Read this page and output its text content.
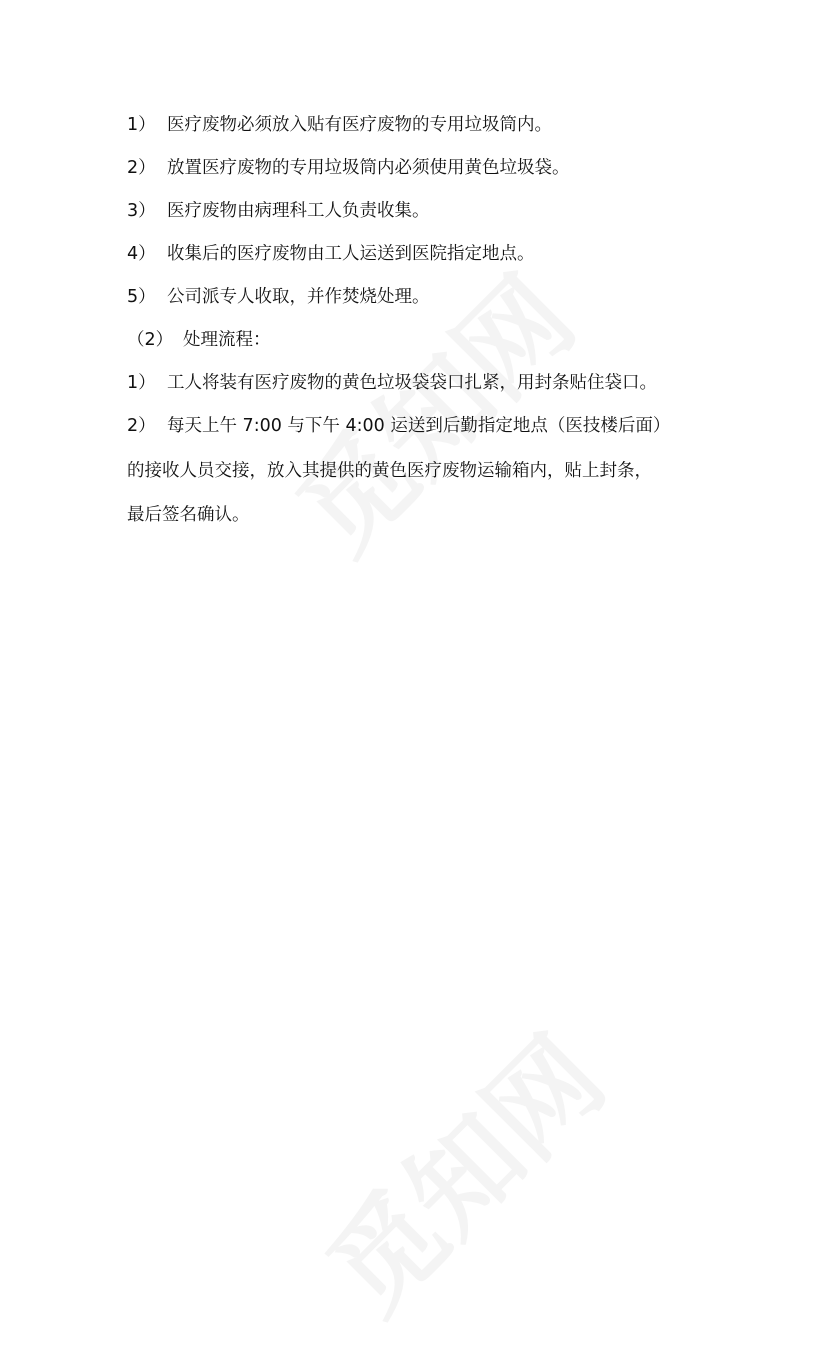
1） 医疗废物必须放入贴有医疗废物的专用垃圾筒内。
2） 放置医疗废物的专用垃圾筒内必须使用黄色垃圾袋。
3） 医疗废物由病理科工人负责收集。
4） 收集后的医疗废物由工人运送到医院指定地点。
5） 公司派专人收取，并作焚烧处理。
（2） 处理流程：
1） 工人将装有医疗废物的黄色垃圾袋袋口扎紧，用封条贴住袋口。
2） 每天上午 7:00 与下午 4:00 运送到后勤指定地点（医技楼后面）
的接收人员交接，放入其提供的黄色医疗废物运输箱内，贴上封条，
最后签名确认。
